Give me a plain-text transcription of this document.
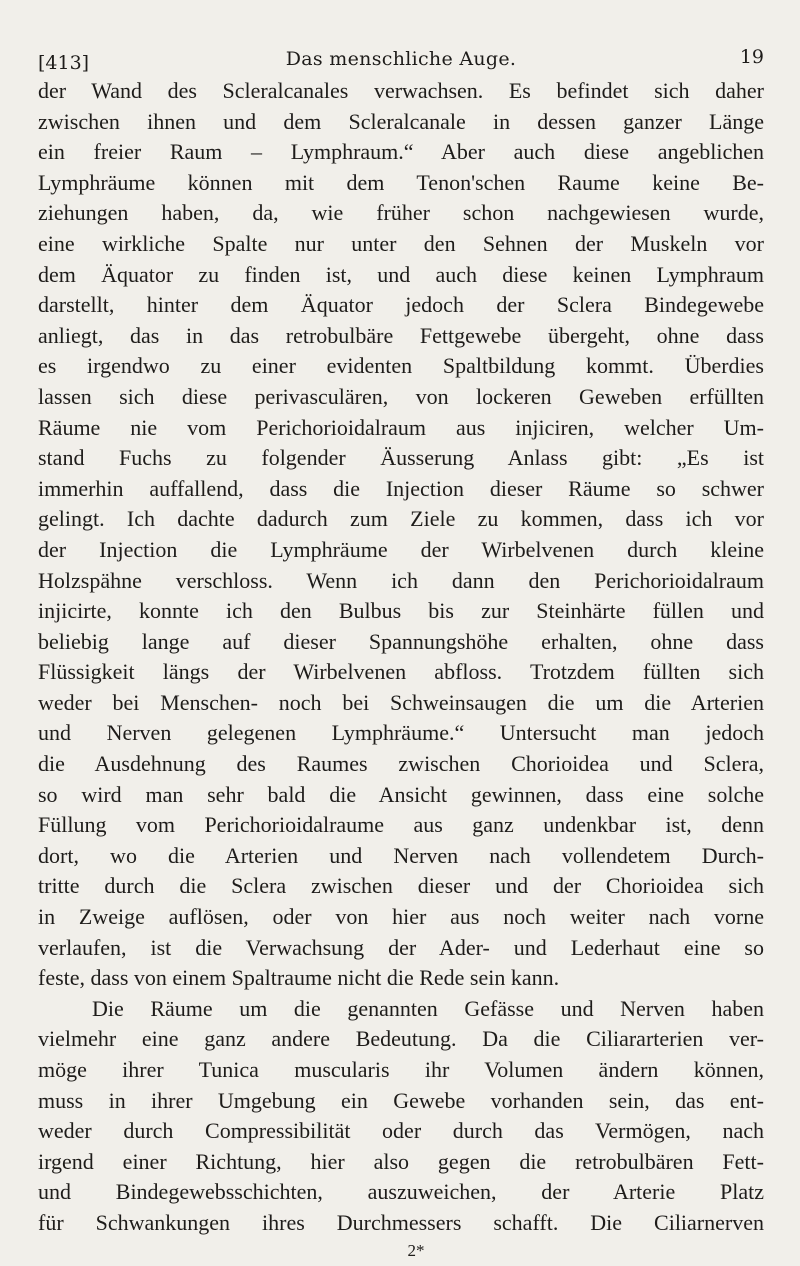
[413]	Das menschliche Auge.	19
der Wand des Scleralcanales verwachsen. Es befindet sich daher
zwischen ihnen und dem Scleralcanale in dessen ganzer Länge
ein freier Raum – Lymphraum.“ Aber auch diese angeblichen
Lymphräume können mit dem Tenon'schen Raume keine Be-
ziehungen haben, da, wie früher schon nachgewiesen wurde,
eine wirkliche Spalte nur unter den Sehnen der Muskeln vor
dem Äquator zu finden ist, und auch diese keinen Lymphraum
darstellt, hinter dem Äquator jedoch der Sclera Bindegewebe
anliegt, das in das retrobulbäre Fettgewebe übergeht, ohne dass
es irgendwo zu einer evidenten Spaltbildung kommt. Überdies
lassen sich diese perivasculären, von lockeren Geweben erfüllten
Räume nie vom Perichorioidalraum aus injiciren, welcher Um-
stand Fuchs zu folgender Äusserung Anlass gibt: „Es ist
immerhin auffallend, dass die Injection dieser Räume so schwer
gelingt. Ich dachte dadurch zum Ziele zu kommen, dass ich vor
der Injection die Lymphräume der Wirbelvenen durch kleine
Holzspähne verschloss. Wenn ich dann den Perichorioidalraum
injicirte, konnte ich den Bulbus bis zur Steinhärte füllen und
beliebig lange auf dieser Spannungshöhe erhalten, ohne dass
Flüssigkeit längs der Wirbelvenen abfloss. Trotzdem füllten sich
weder bei Menschen- noch bei Schweinsaugen die um die Arterien
und Nerven gelegenen Lymphräume.“ Untersucht man jedoch
die Ausdehnung des Raumes zwischen Chorioidea und Sclera,
so wird man sehr bald die Ansicht gewinnen, dass eine solche
Füllung vom Perichorioidalraume aus ganz undenkbar ist, denn
dort, wo die Arterien und Nerven nach vollendetem Durch-
tritte durch die Sclera zwischen dieser und der Chorioidea sich
in Zweige auflösen, oder von hier aus noch weiter nach vorne
verlaufen, ist die Verwachsung der Ader- und Lederhaut eine so
feste, dass von einem Spaltraume nicht die Rede sein kann.
Die Räume um die genannten Gefässe und Nerven haben
vielmehr eine ganz andere Bedeutung. Da die Ciliararterien ver-
möge ihrer Tunica muscularis ihr Volumen ändern können,
muss in ihrer Umgebung ein Gewebe vorhanden sein, das ent-
weder durch Compressibilität oder durch das Vermögen, nach
irgend einer Richtung, hier also gegen die retrobulbären Fett-
und Bindegewebsschichten, auszuweichen, der Arterie Platz
für Schwankungen ihres Durchmessers schafft. Die Ciliarnerven
2*
